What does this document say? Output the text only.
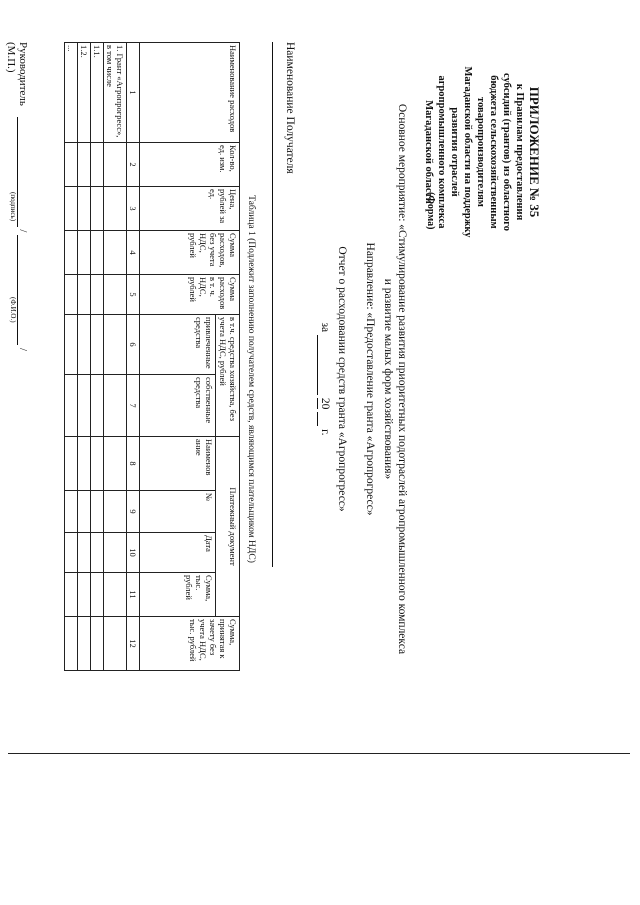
ПРИЛОЖЕНИЕ № 35
к Правилам предоставления
субсидий (грантов) из областного
бюджета сельскохозяйственным
товаропроизводителям
Магаданской области на поддержку
развития отраслей
агропромышленного комплекса
Магаданской области
(Форма)
Основное мероприятие: «Стимулирование развития приоритетных подотраслей агропромышленного комплекса
и развитие малых форм хозяйствования»
Направление: «Предоставление гранта «Агропрогресс»
Отчет о расходовании средств гранта «Агропрогресс»
за   20   г.
Наименование Получателя
Таблица 1 (Подлежит заполнению получателем средств, являющимся плательщиком НДС)
Наименование расходов	Кол-во, ед. изм.	Цена, рублей за ед.	Сумма расходов, без учета НДС, рублей	Сумма расходов в т. ч. НДС, рублей	в т.ч. средства хозяйства, без учета НДС, рублей		Платежный документ				Сумма, принятая к зачету без учета НДС, тыс. рублей
					привлеченные средства	собственные средства	Наименов ание	№	Дата	Сумма, тыс. рублей	
1	2	3	4	5	6	7	8	9	10	11	12
1. Грант «Агропрогресс», в том числе											
1.1.											
1.2.											
...											
Руководитель  /  /
(М.П.)
(подпись)
(Ф.И.О.)
